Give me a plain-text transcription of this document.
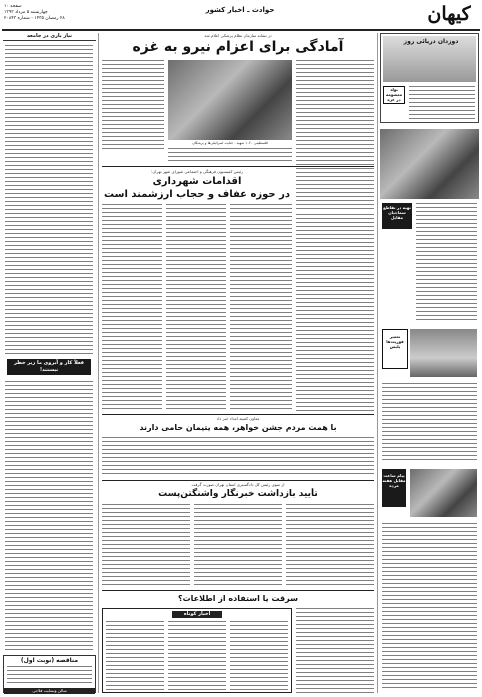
کیهان
حوادث ـ اخبار کشور
صفحه ۱۰
چهارشنبه ۵ مرداد ۱۳۹۳
۲۸ رمضان ۱۴۳۵ - شماره ۲۰۸۴۳
نیاز یاری در جامعه
فعلاً کار و آبروی ما زیر خطر نیستند!
مناقصه (نوبت اول)
سالن وبسایت فلاحی
دوزدان دریائی روز
تولد معصومه در غزه
تهیه در تقاطع سماجیان مقابل
تعمیر فوریت‌ها پلیس
پیام ساعت مقابل هفته مرده
در نشانه سازمان نظام پزشکی اعلام شد
آمادگی برای اعزام نیرو به غزه
فلسطینی ۱۰۲۰ شهید - جنایت اسرائیلی‌ها و پزشکان
رئیس کمیسیون فرهنگی و اجتماعی شورای شهر تهران:
اقدامات شهرداری
در حوزه عفاف و حجاب ارزشمند است
معاون کمیته امداد خبر داد
با همت مردم جشن‌ خواهر، همه یتیمان حامی دارند
از سوی رئیس کل دادگستری استان تهران صورت گرفت
تأیید بازداشت خبرنگار واشنگتن‌پست
سرقت یا استفاده از اطلاعات؟
اخبار کوتاه
